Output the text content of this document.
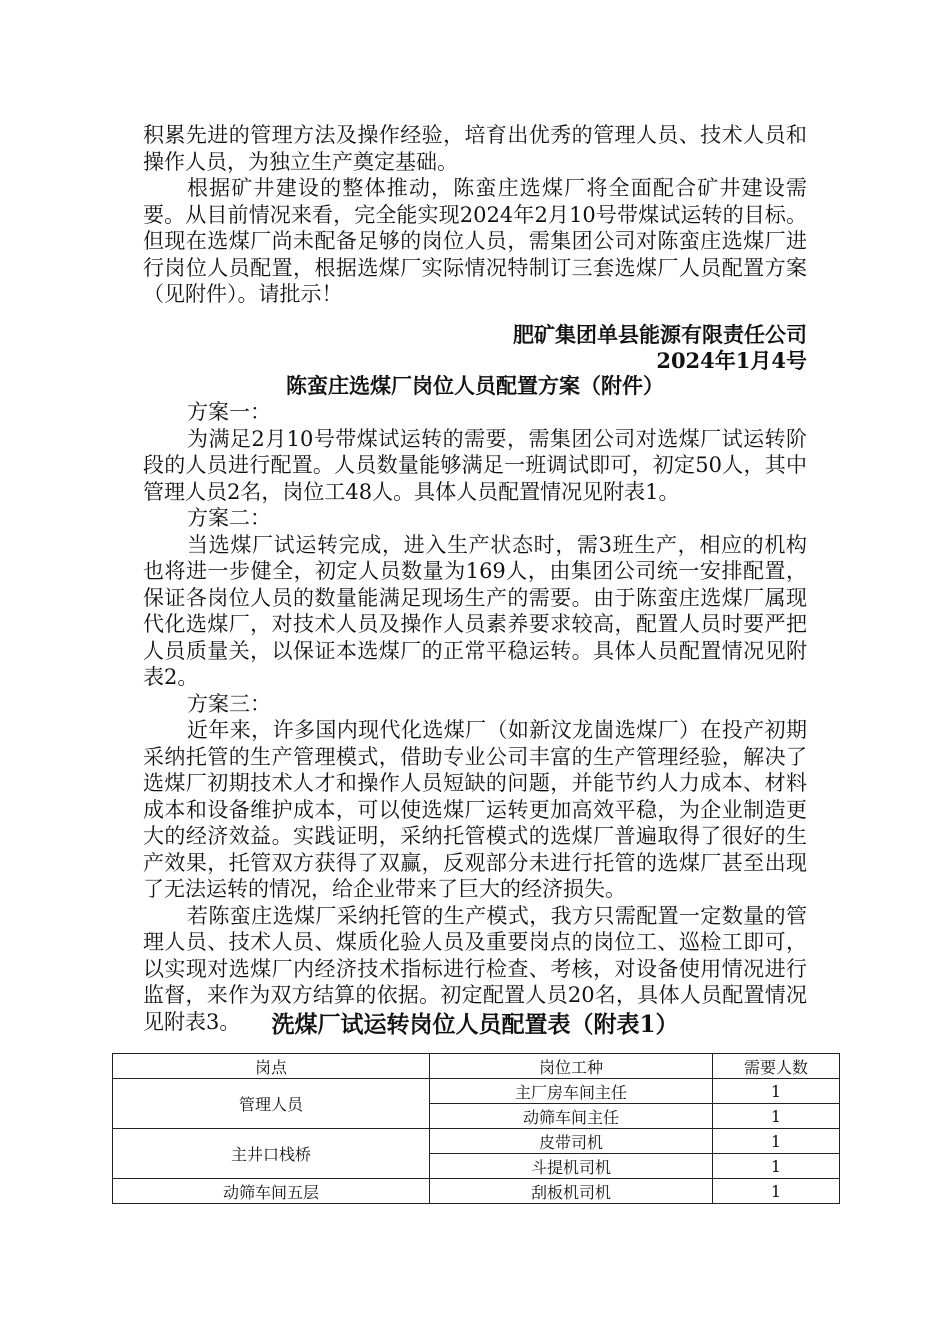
积累先进的管理方法及操作经验，培育出优秀的管理人员、技术人员和操作人员，为独立生产奠定基础。

根据矿井建设的整体推动，陈蛮庄选煤厂将全面配合矿井建设需要。从目前情况来看，完全能实现2024年2月10号带煤试运转的目标。但现在选煤厂尚未配备足够的岗位人员，需集团公司对陈蛮庄选煤厂进行岗位人员配置，根据选煤厂实际情况特制订三套选煤厂人员配置方案（见附件）。请批示！

肥矿集团单县能源有限责任公司
2024年1月4号
陈蛮庄选煤厂岗位人员配置方案（附件）

方案一：

为满足2月10号带煤试运转的需要，需集团公司对选煤厂试运转阶段的人员进行配置。人员数量能够满足一班调试即可，初定50人，其中管理人员2名，岗位工48人。具体人员配置情况见附表1。

方案二：

当选煤厂试运转完成，进入生产状态时，需3班生产，相应的机构也将进一步健全，初定人员数量为169人，由集团公司统一安排配置，保证各岗位人员的数量能满足现场生产的需要。由于陈蛮庄选煤厂属现代化选煤厂，对技术人员及操作人员素养要求较高，配置人员时要严把人员质量关，以保证本选煤厂的正常平稳运转。具体人员配置情况见附表2。

方案三：

近年来，许多国内现代化选煤厂（如新汶龙崮选煤厂）在投产初期采纳托管的生产管理模式，借助专业公司丰富的生产管理经验，解决了选煤厂初期技术人才和操作人员短缺的问题，并能节约人力成本、材料成本和设备维护成本，可以使选煤厂运转更加高效平稳，为企业制造更大的经济效益。实践证明，采纳托管模式的选煤厂普遍取得了很好的生产效果，托管双方获得了双赢，反观部分未进行托管的选煤厂甚至出现了无法运转的情况，给企业带来了巨大的经济损失。

若陈蛮庄选煤厂采纳托管的生产模式，我方只需配置一定数量的管理人员、技术人员、煤质化验人员及重要岗点的岗位工、巡检工即可，以实现对选煤厂内经济技术指标进行检查、考核，对设备使用情况进行监督，来作为双方结算的依据。初定配置人员20名，具体人员配置情况见附表3。	洗煤厂试运转岗位人员配置表（附表1）
岗点	岗位工种	需要人数
管理人员	主厂房车间主任	1
	动筛车间主任	1
主井口栈桥	皮带司机	1
	斗提机司机	1
动筛车间五层	刮板机司机	1
